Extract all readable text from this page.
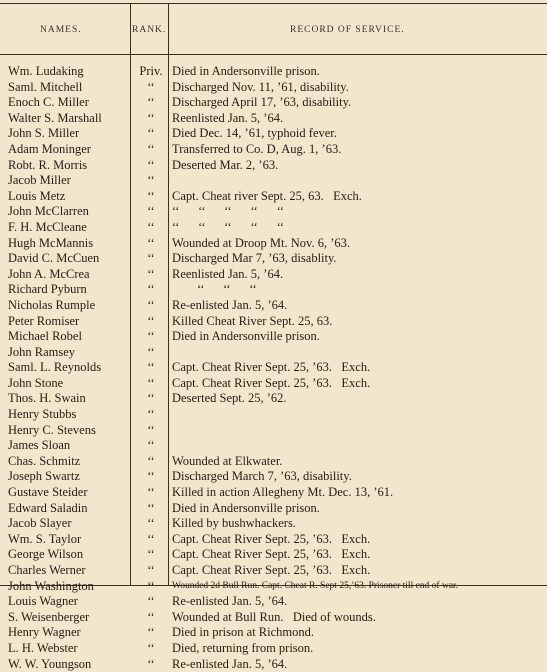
NAMES.	RANK.	RECORD OF SERVICE.
Wm. Ludaking	Priv. Died in Andersonville prison.
Saml. Mitchell	‘‘	Discharged Nov. 11, ’61, disability.
Enoch C. Miller	‘‘	Discharged April 17, ’63, disability.
Walter S. Marshall	‘‘	Reenlisted Jan. 5, ’64.
John S. Miller	‘‘	Died Dec. 14, ’61, typhoid fever.
Adam Moninger	‘‘	Transferred to Co. D, Aug. 1, ’63.
Robt. R. Morris	‘‘	Deserted Mar. 2, ’63.
Jacob Miller	‘‘
Louis Metz	‘‘	Capt. Cheat river Sept. 25, 63.   Exch.
John McClarren	‘‘	‘‘      ‘‘      ‘‘      ‘‘      ‘‘
F. H. McCleane	‘‘	‘‘      ‘‘      ‘‘      ‘‘      ‘‘
Hugh McMannis	‘‘	Wounded at Droop Mt. Nov. 6, ’63.
David C. McCuen	‘‘	Discharged Mar 7, ’63, disablity.
John A. McCrea	‘‘	Reenlisted Jan. 5, ’64.
Richard Pyburn	‘‘	‘‘      ‘‘      ‘‘
Nicholas Rumple	‘‘	Re-enlisted Jan. 5, ’64.
Peter Romiser	‘‘	Killed Cheat River Sept. 25, 63.
Michael Robel	‘‘	Died in Andersonville prison.
John Ramsey	‘‘
Saml. L. Reynolds	‘‘	Capt. Cheat River Sept. 25, ’63.   Exch.
John Stone	‘‘	Capt. Cheat River Sept. 25, ’63.   Exch.
Thos. H. Swain	‘‘	Deserted Sept. 25, ’62.
Henry Stubbs	‘‘
Henry C. Stevens	‘‘
James Sloan	‘‘
Chas. Schmitz	‘‘	Wounded at Elkwater.
Joseph Swartz	‘‘	Discharged March 7, ’63, disability.
Gustave Steider	‘‘	Killed in action Allegheny Mt. Dec. 13, ’61.
Edward Saladin	‘‘	Died in Andersonville prison.
Jacob Slayer	‘‘	Killed by bushwhackers.
Wm. S. Taylor	‘‘	Capt. Cheat River Sept. 25, ’63.   Exch.
George Wilson	‘‘	Capt. Cheat River Sept. 25, ’63.   Exch.
Charles Werner	‘‘	Capt. Cheat River Sept. 25, ’63.   Exch.
John Washington	‘‘	Wounded 2d Bull Run. Capt. Cheat R. Sept 25,’63. Prisoner till end of war.
Louis Wagner	‘‘	Re-enlisted Jan. 5, ’64.
S. Weisenberger	‘‘	Wounded at Bull Run.   Died of wounds.
Henry Wagner	‘‘	Died in prison at Richmond.
L. H. Webster	‘‘	Died, returning from prison.
W. W. Youngson	‘‘	Re-enlisted Jan. 5, ’64.
